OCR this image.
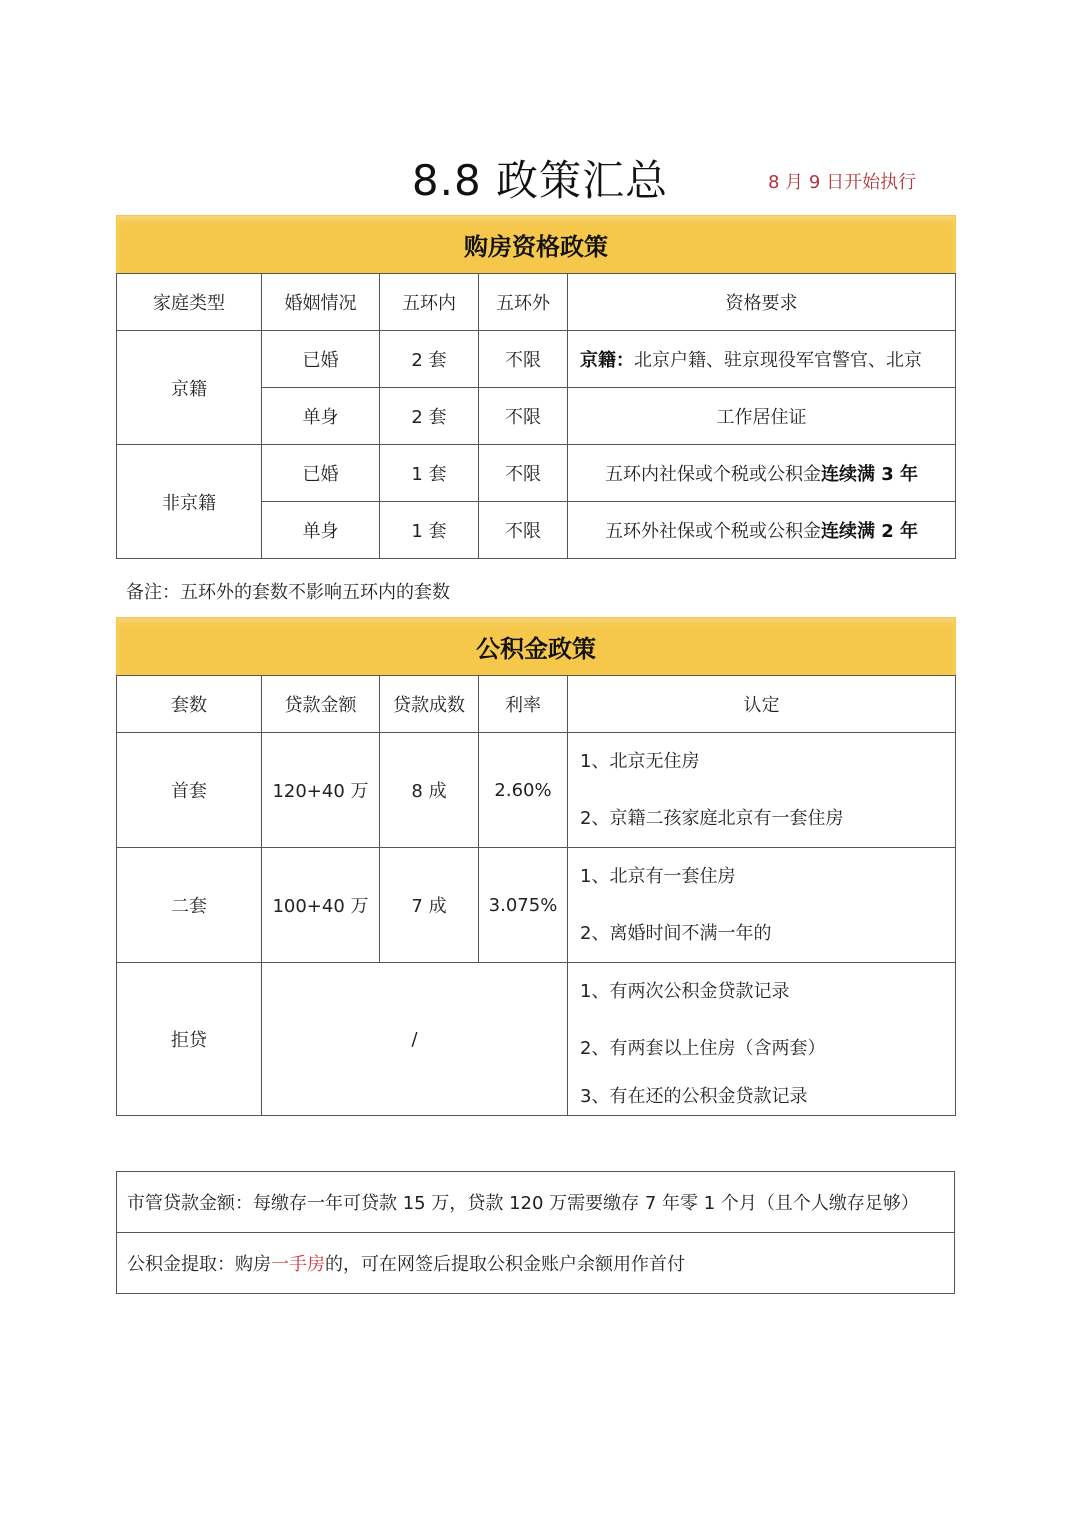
8.8 政策汇总	8 月 9 日开始执行
购房资格政策				
家庭类型	婚姻情况	五环内	五环外	资格要求
京籍	已婚	2 套	不限	京籍：北京户籍、驻京现役军官警官、北京
	单身	2 套	不限	工作居住证
非京籍	已婚	1 套	不限	五环内社保或个税或公积金连续满 3 年
	单身	1 套	不限	五环外社保或个税或公积金连续满 2 年
备注：五环外的套数不影响五环内的套数
公积金政策				
套数	贷款金额	贷款成数	利率	认定
首套	120+40 万	8 成	2.60%	1、北京无住房
2、京籍二孩家庭北京有一套住房

二套	100+40 万	7 成	3.075%	1、北京有一套住房
2、离婚时间不满一年的

拒贷	/			1、有两次公积金贷款记录
2、有两套以上住房（含两套）
3、有在还的公积金贷款记录
市管贷款金额：每缴存一年可贷款 15 万，贷款 120 万需要缴存 7 年零 1 个月（且个人缴存足够）
公积金提取：购房一手房的，可在网签后提取公积金账户余额用作首付
